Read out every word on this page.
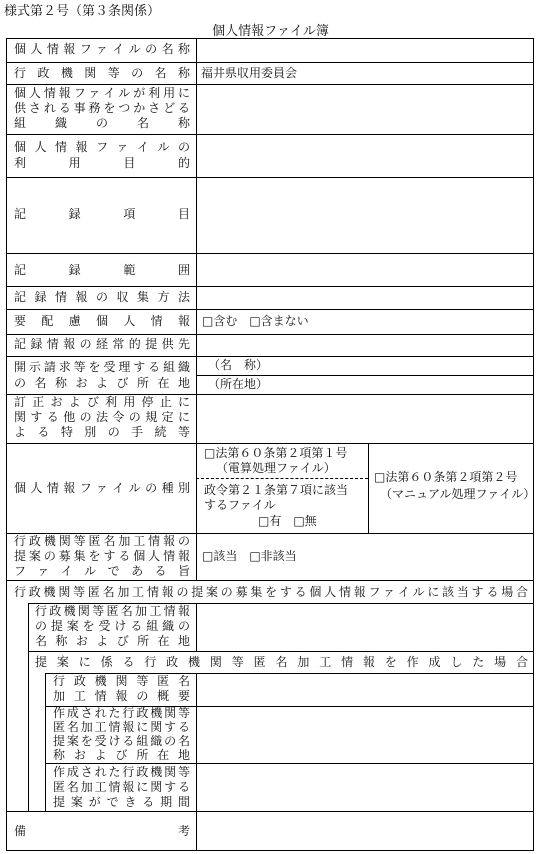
様式第２号（第３条関係）
個人情報ファイル簿
個人情報ファイルの名称
行政機関等の名称 福井県収用委員会
個人情報ファイルが利用に
供される事務をつかさどる
組織の名称
個人情報ファイルの
利用目的
記録項目
記録範囲
記録情報の収集方法
要配慮個人情報 □含む　□含まない
記録情報の経常的提供先
開示請求等を受理する組織
の名称および所在地
（名　称）
（所在地）
訂正および利用停止に
関する他の法令の規定に
よる特別の手続等
個人情報ファイルの種別
□法第６０条第２項第１号
（電算処理ファイル）
政令第２１条第７項に該当
するファイル
□有　□無
□法第６０条第２項第２号
（マニュアル処理ファイル）
行政機関等匿名加工情報の
提案の募集をする個人情報
ファイルである旨
□該当　□非該当
行政機関等匿名加工情報の提案の募集をする個人情報ファイルに該当する場合
行政機関等匿名加工情報
の提案を受ける組織の
名称および所在地
提案に係る行政機関等匿名加工情報を作成した場合
行政機関等匿名
加工情報の概要
作成された行政機関等
匿名加工情報に関する
提案を受ける組織の名
称および所在地
作成された行政機関等
匿名加工情報に関する
提案ができる期間
備考
